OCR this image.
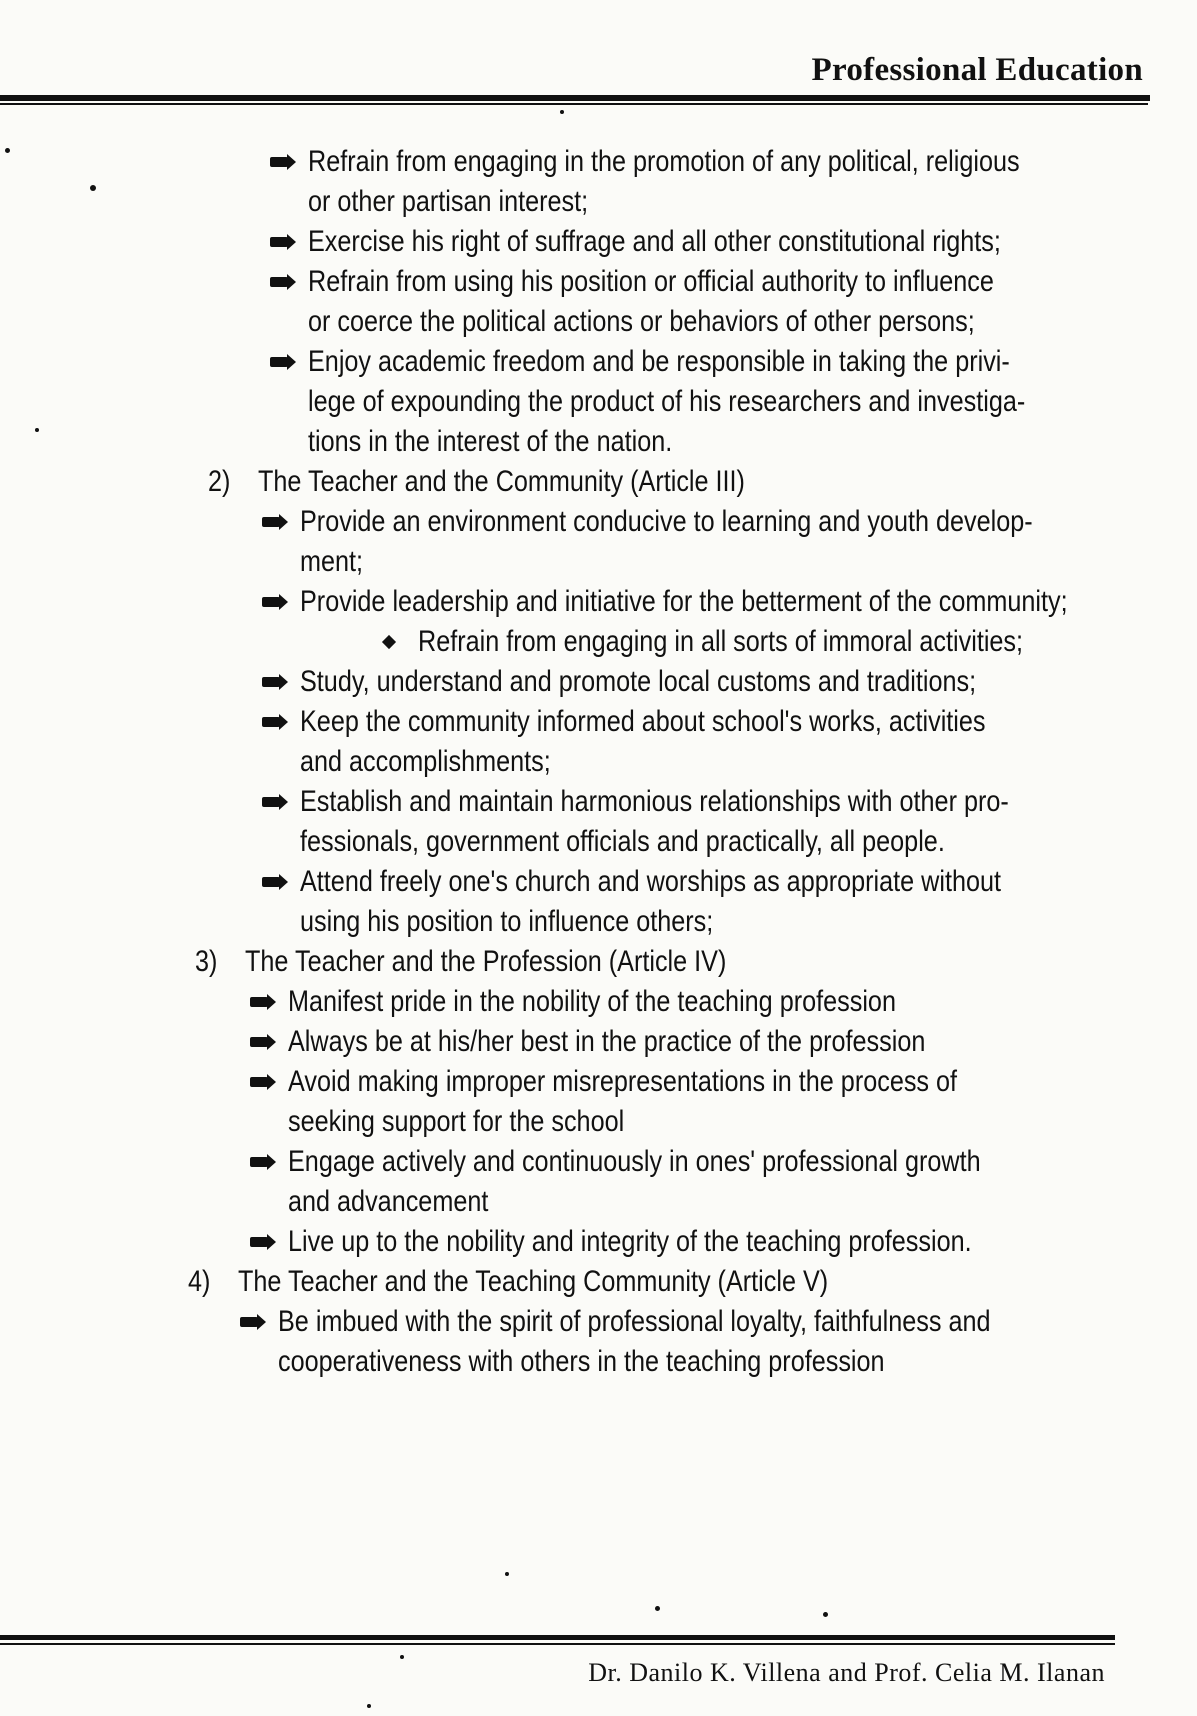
Professional Education
Refrain from engaging in the promotion of any political, religious
or other partisan interest;
Exercise his right of suffrage and all other constitutional rights;
Refrain from using his position or official authority to influence
or coerce the political actions or behaviors of other persons;
Enjoy academic freedom and be responsible in taking the privi-
lege of expounding the product of his researchers and investiga-
tions in the interest of the nation.
2) The Teacher and the Community (Article III)
Provide an environment conducive to learning and youth develop-
ment;
Provide leadership and initiative for the betterment of the community;
Refrain from engaging in all sorts of immoral activities;
Study, understand and promote local customs and traditions;
Keep the community informed about school's works, activities
and accomplishments;
Establish and maintain harmonious relationships with other pro-
fessionals, government officials and practically, all people.
Attend freely one's church and worships as appropriate without
using his position to influence others;
3) The Teacher and the Profession (Article IV)
Manifest pride in the nobility of the teaching profession
Always be at his/her best in the practice of the profession
Avoid making improper misrepresentations in the process of
seeking support for the school
Engage actively and continuously in ones' professional growth
and advancement
Live up to the nobility and integrity of the teaching profession.
4) The Teacher and the Teaching Community (Article V)
Be imbued with the spirit of professional loyalty, faithfulness and
cooperativeness with others in the teaching profession
Dr. Danilo K. Villena and Prof. Celia M. Ilanan
